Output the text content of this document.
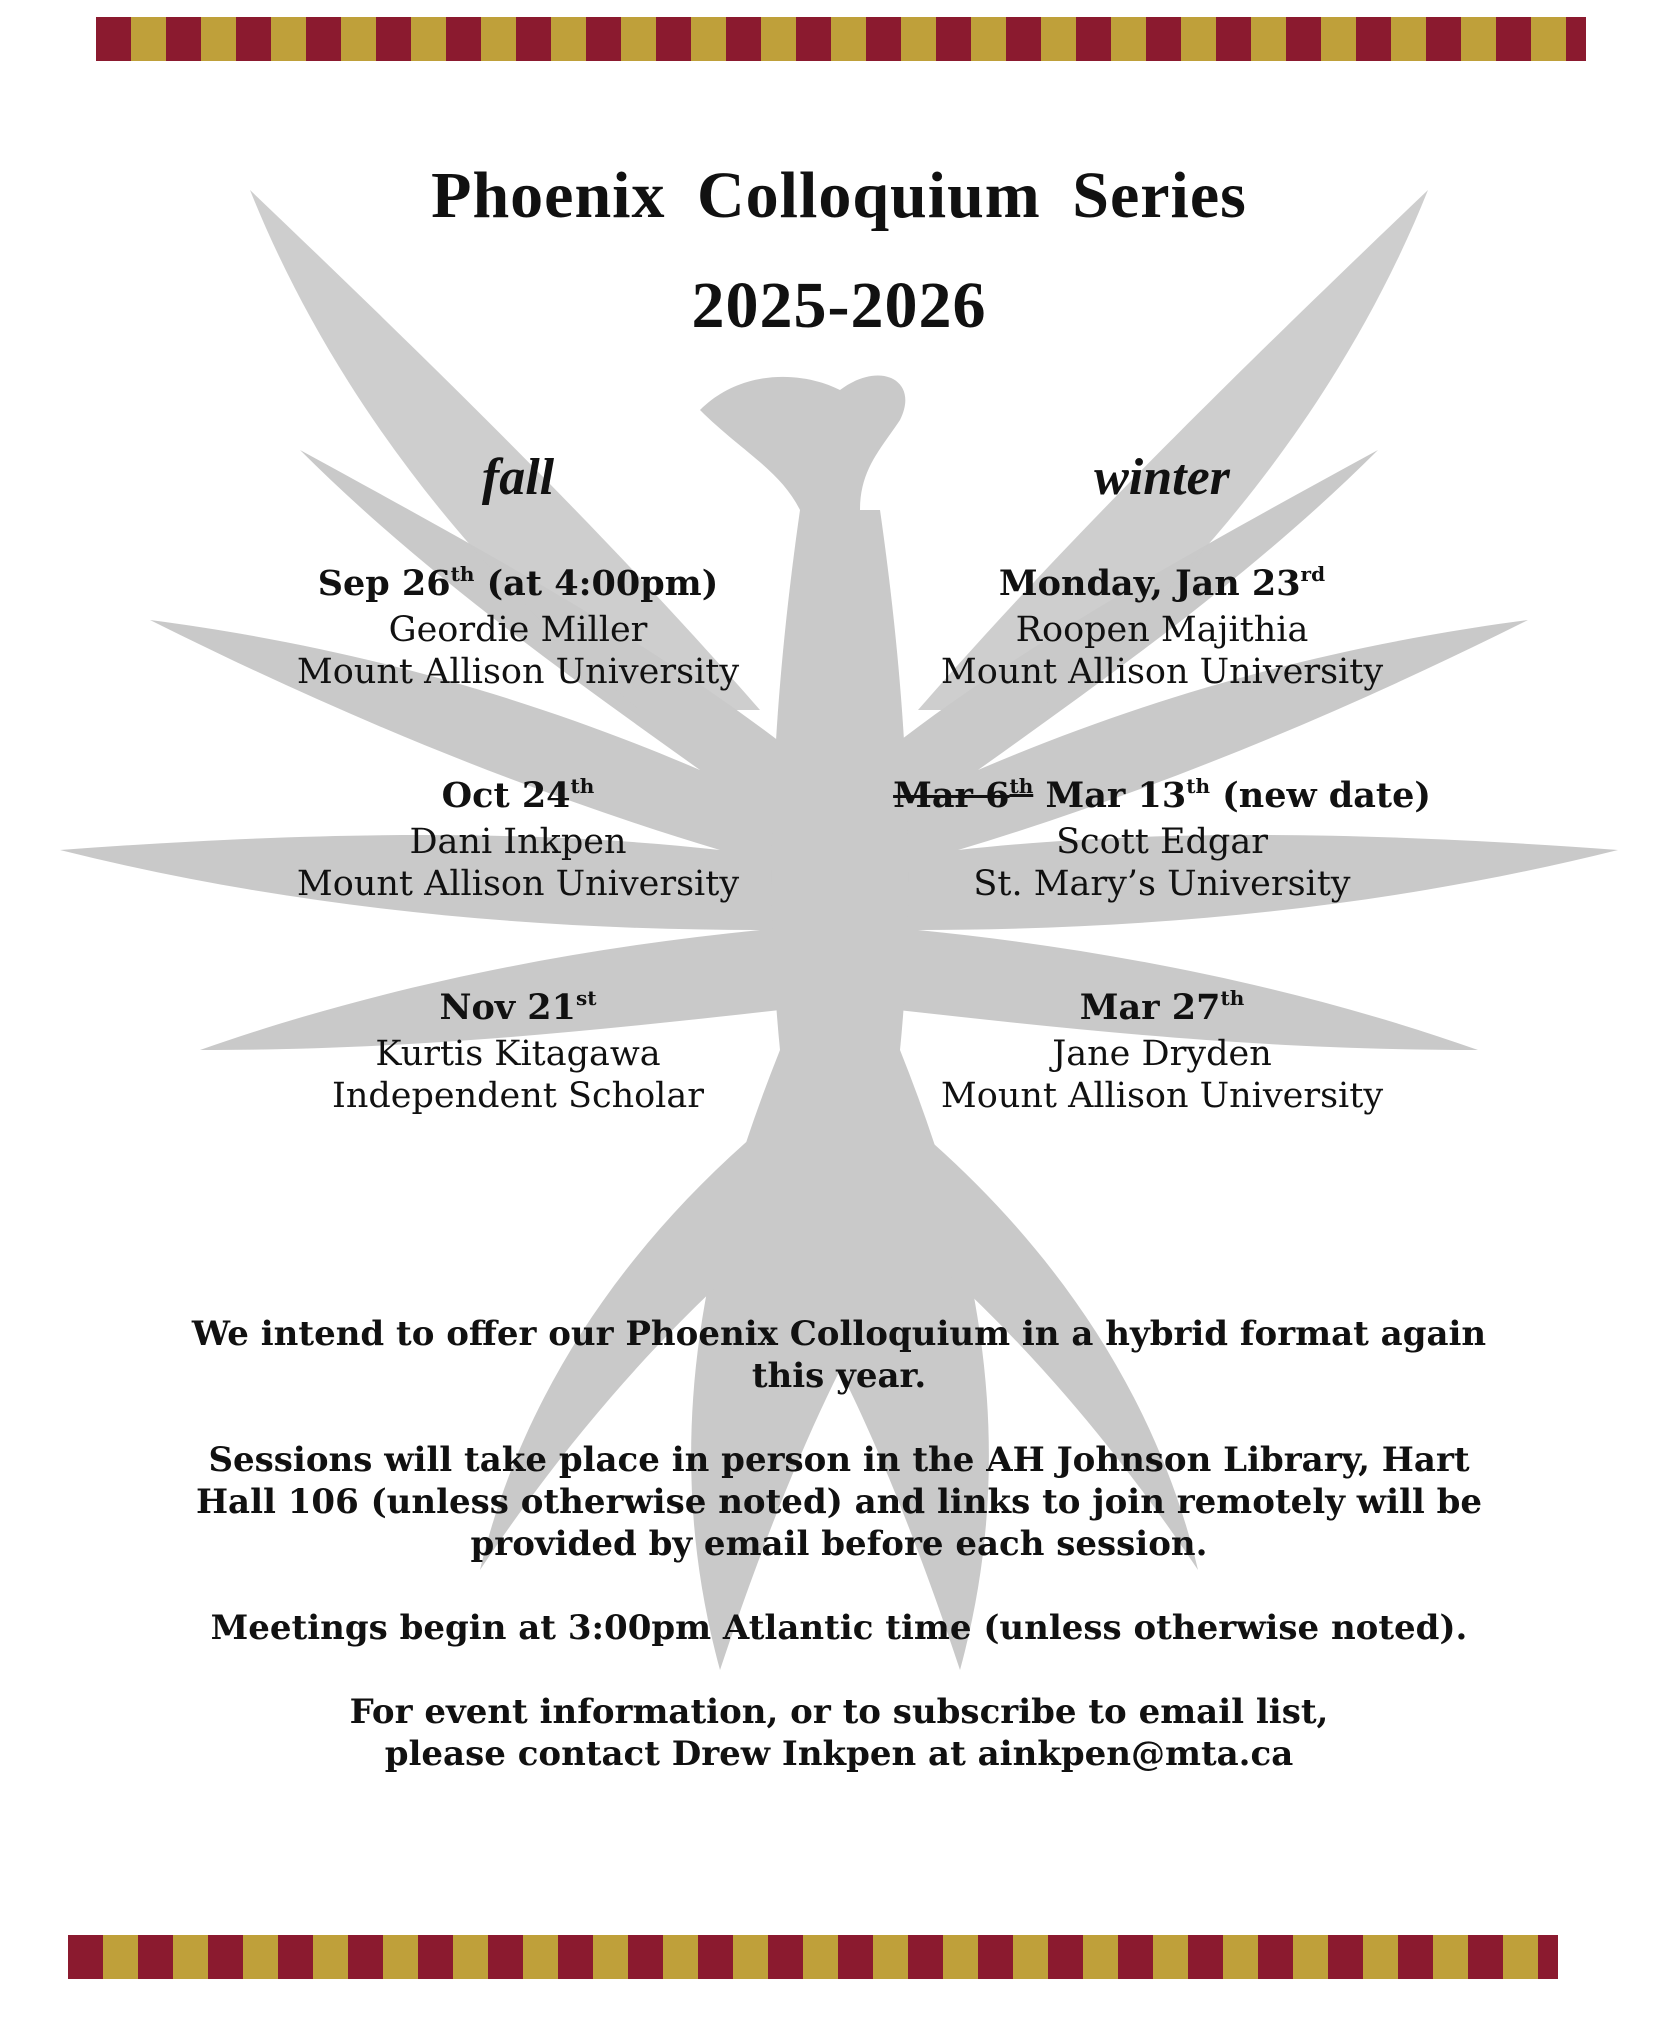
Phoenix Colloquium Series
2025-2026
fall	winter
Sep 26th (at 4:00pm)
Geordie Miller
Mount Allison University
Oct 24th
Dani Inkpen
Mount Allison University
Nov 21st
Kurtis Kitagawa
Independent Scholar
Monday, Jan 23rd
Roopen Majithia
Mount Allison University
Mar 6th Mar 13th (new date)
Scott Edgar
St. Mary’s University
Mar 27th
Jane Dryden
Mount Allison University

We intend to offer our Phoenix Colloquium in a hybrid format again this year.

Sessions will take place in person in the AH Johnson Library, Hart Hall 106 (unless otherwise noted) and links to join remotely will be provided by email before each session.

Meetings begin at 3:00pm Atlantic time (unless otherwise noted).

For event information, or to subscribe to email list,
please contact Drew Inkpen at ainkpen@mta.ca
